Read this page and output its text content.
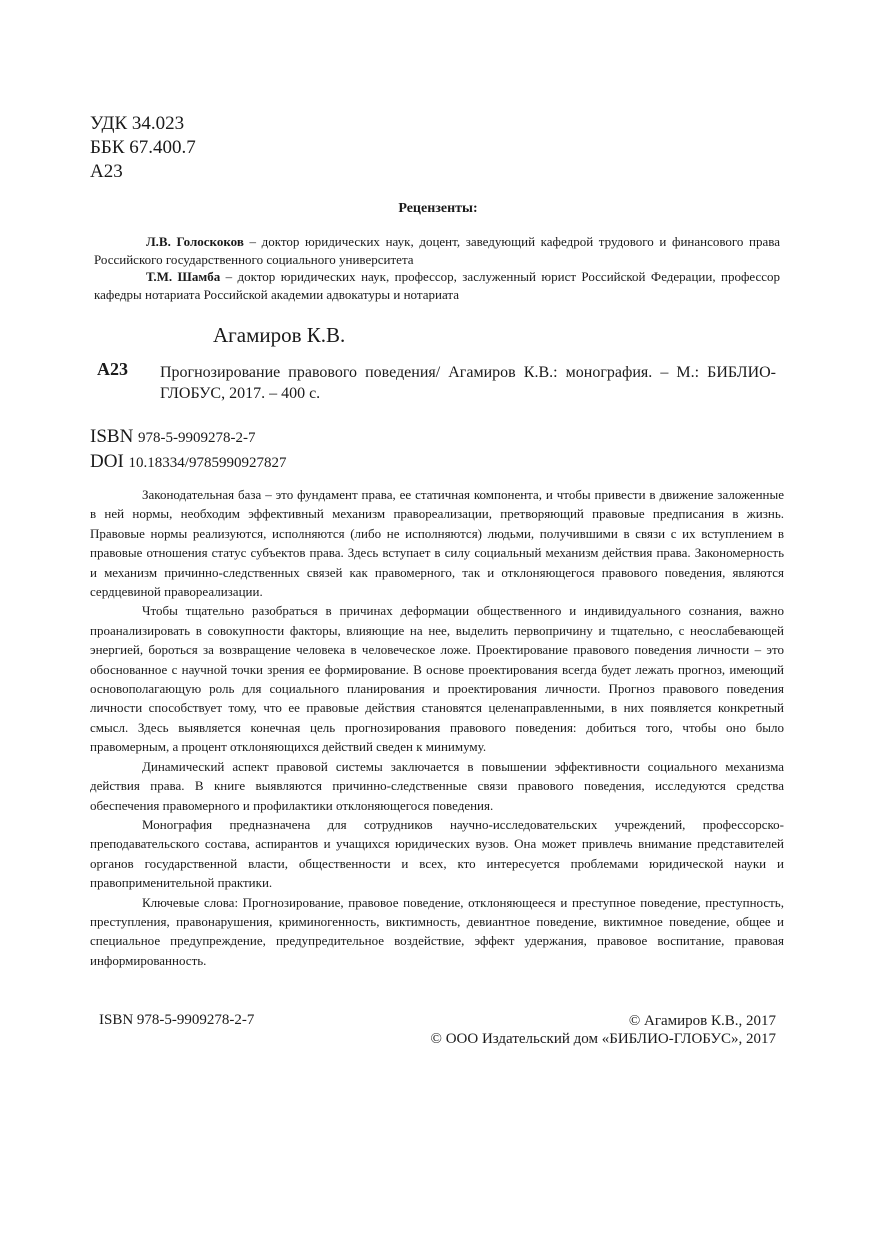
УДК 34.023
ББК 67.400.7
А23
Рецензенты:

Л.В. Голоскоков – доктор юридических наук, доцент, заведующий кафедрой трудового и финансового права Российского государственного социального университета

Т.М. Шамба – доктор юридических наук, профессор, заслуженный юрист Российской Федерации, профессор кафедры нотариата Российской академии адвокатуры и нотариата

Агамиров К.В.
А23 Прогнозирование правового поведения/ Агамиров К.В.: монография. – М.: БИБЛИО-ГЛОБУС, 2017. – 400 с.
ISBN 978-5-9909278-2-7
DOI 10.18334/9785990927827

Законодательная база – это фундамент права, ее статичная компонента, и чтобы привести в движение заложенные в ней нормы, необходим эффективный механизм правореализации, претворяющий правовые предписания в жизнь. Правовые нормы реализуются, исполняются (либо не исполняются) людьми, получившими в связи с их вступлением в правовые отношения статус субъектов права. Здесь вступает в силу социальный механизм действия права. Закономерность и механизм причинно-следственных связей как правомерного, так и отклоняющегося правового поведения, являются сердцевиной правореализации.

Чтобы тщательно разобраться в причинах деформации общественного и индивидуального сознания, важно проанализировать в совокупности факторы, влияющие на нее, выделить первопричину и тщательно, с неослабевающей энергией, бороться за возвращение человека в человеческое ложе. Проектирование правового поведения личности – это обоснованное с научной точки зрения ее формирование. В основе проектирования всегда будет лежать прогноз, имеющий основополагающую роль для социального планирования и проектирования личности. Прогноз правового поведения личности способствует тому, что ее правовые действия становятся целенаправленными, в них появляется конкретный смысл. Здесь выявляется конечная цель прогнозирования правового поведения: добиться того, чтобы оно было правомерным, а процент отклоняющихся действий сведен к минимуму.

Динамический аспект правовой системы заключается в повышении эффективности социального механизма действия права. В книге выявляются причинно-следственные связи правового поведения, исследуются средства обеспечения правомерного и профилактики отклоняющегося поведения.

Монография предназначена для сотрудников научно-исследовательских учреждений, профессорско-преподавательского состава, аспирантов и учащихся юридических вузов. Она может привлечь внимание представителей органов государственной власти, общественности и всех, кто интересуется проблемами юридической науки и правоприменительной практики.

Ключевые слова: Прогнозирование, правовое поведение, отклоняющееся и преступное поведение, преступность, преступления, правонарушения, криминогенность, виктимность, девиантное поведение, виктимное поведение, общее и специальное предупреждение, предупредительное воздействие, эффект удержания, правовое воспитание, правовая информированность.

ISBN 978-5-9909278-2-7	© Агамиров К.В., 2017
© ООО Издательский дом «БИБЛИО-ГЛОБУС», 2017
